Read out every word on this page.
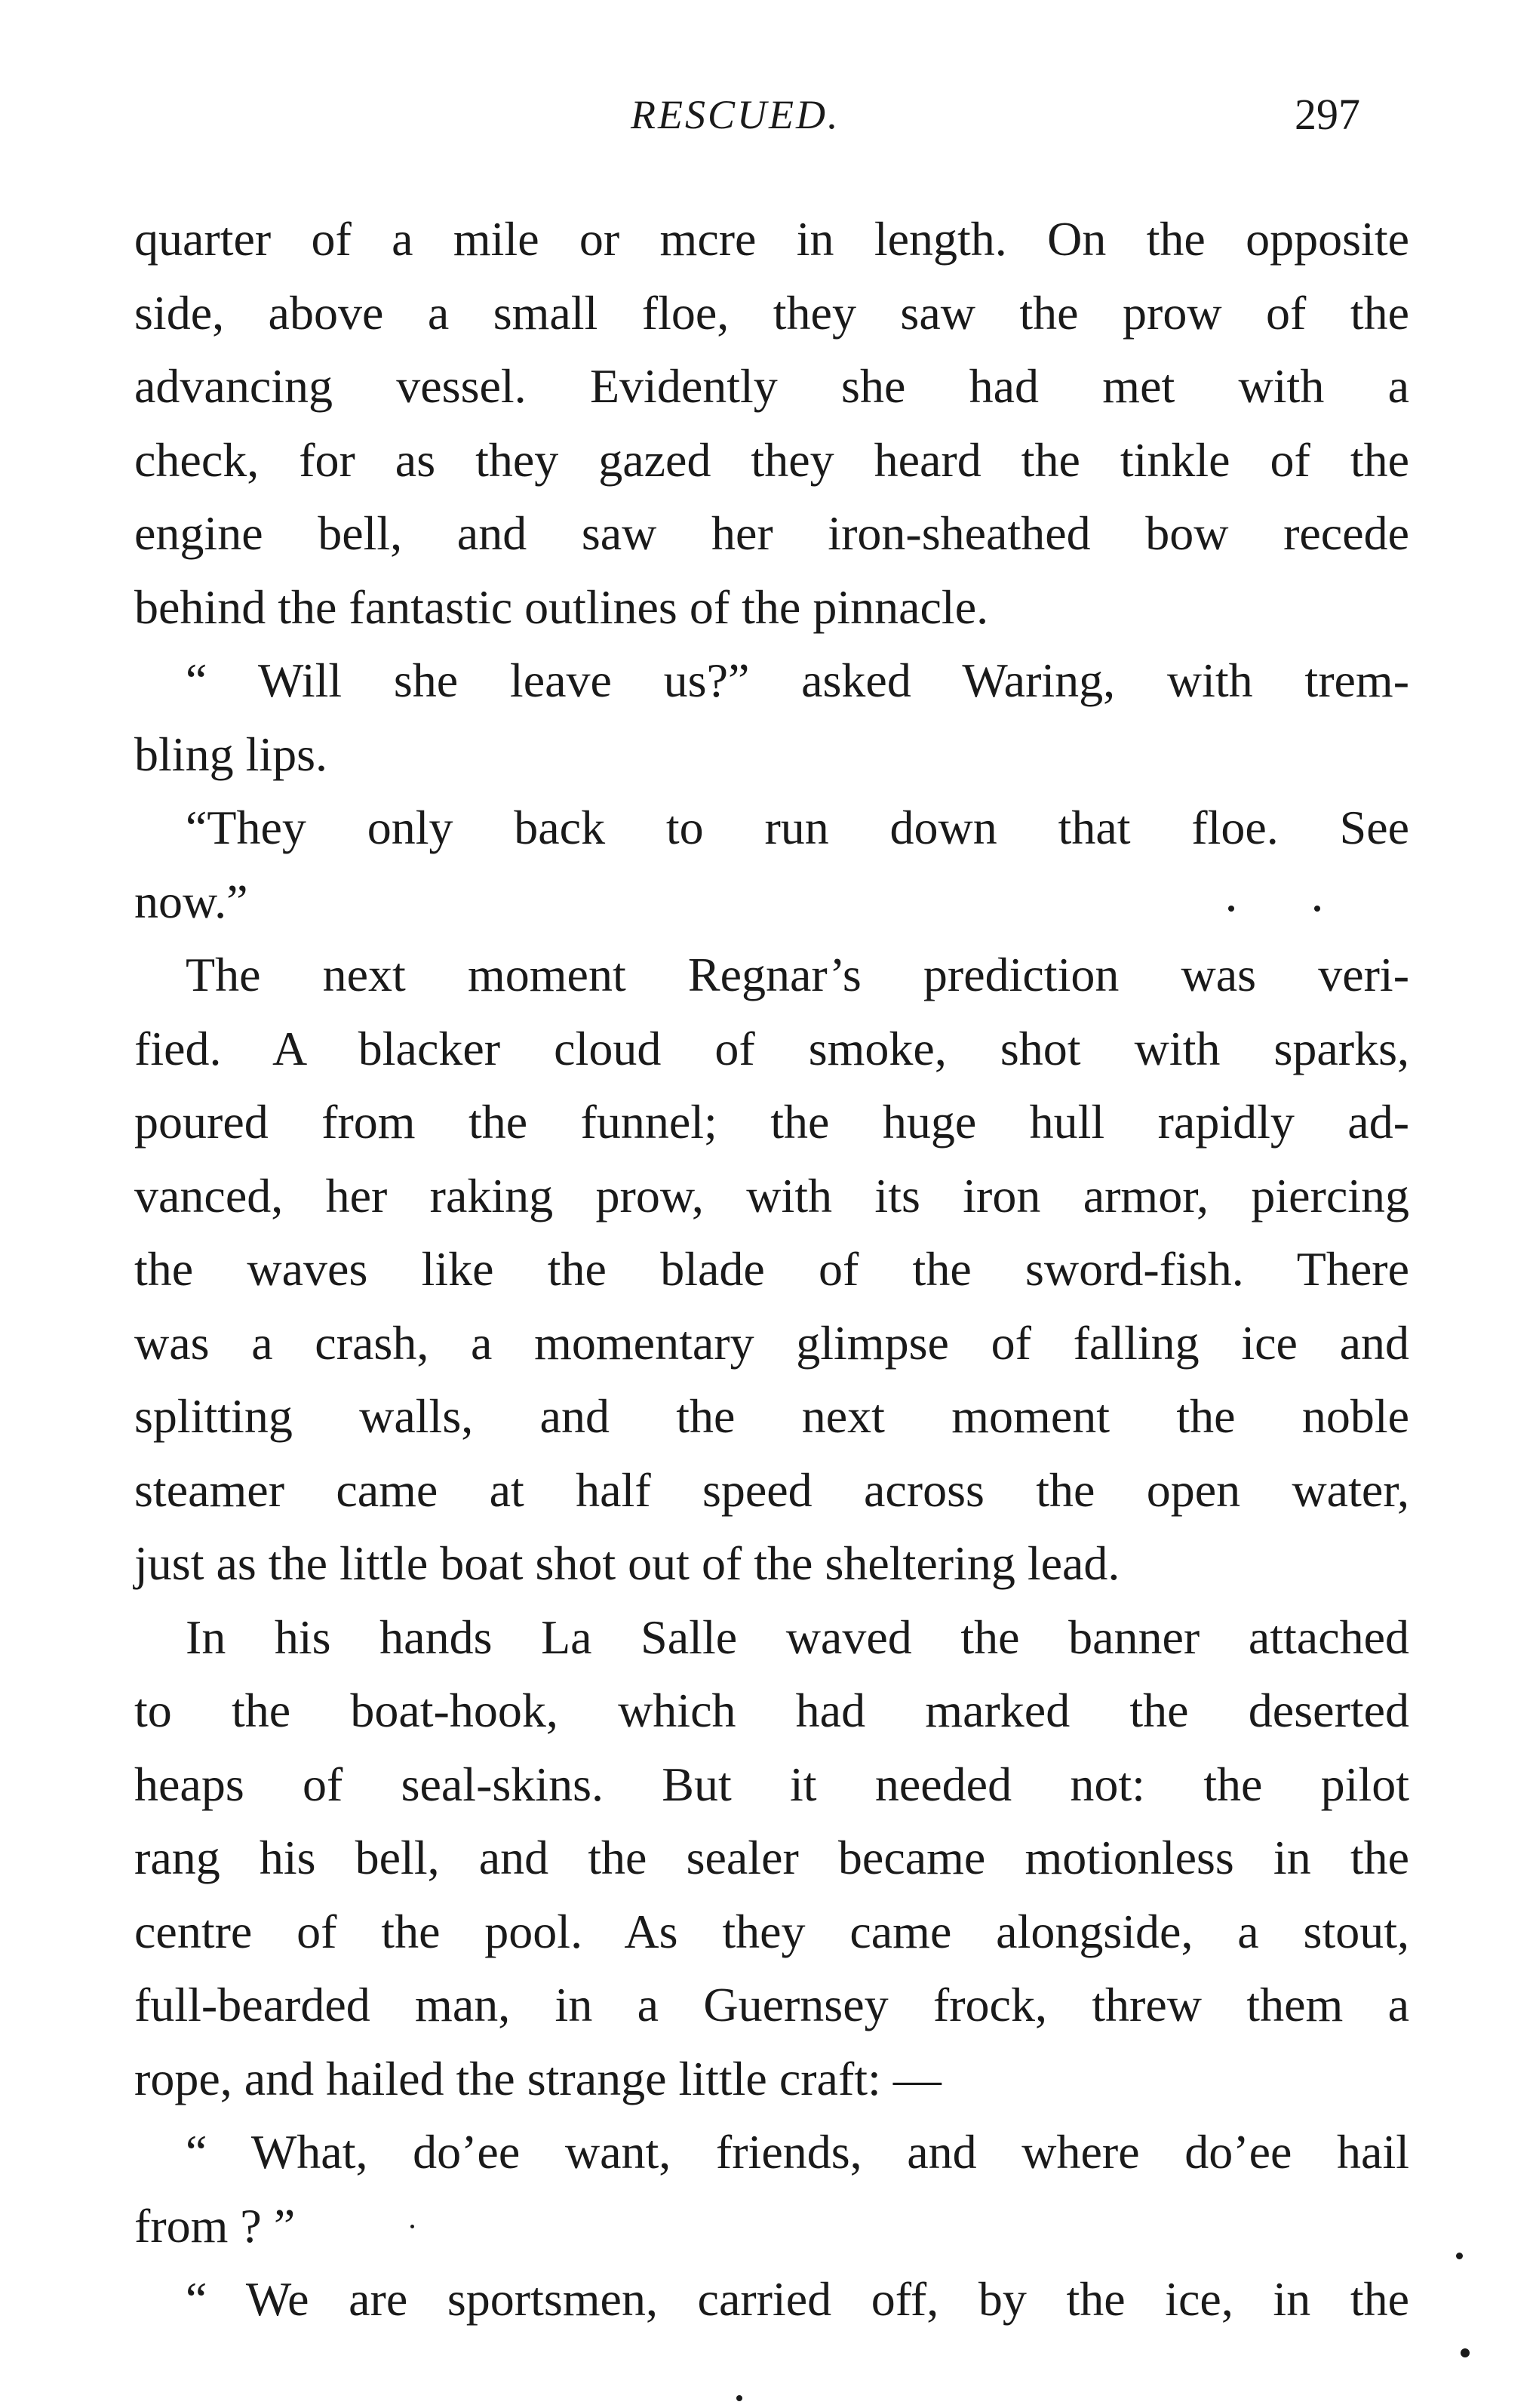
RESCUED.	297
quarter of a mile or mcre in length. On the opposite
side, above a small floe, they saw the prow of the
advancing vessel. Evidently she had met with a
check, for as they gazed they heard the tinkle of the
engine bell, and saw her iron-sheathed bow recede
behind the fantastic outlines of the pinnacle.
“ Will she leave us?” asked Waring, with trem-
bling lips.
“They only back to run down that floe. See
now.”
The next moment Regnar’s prediction was veri-
fied. A blacker cloud of smoke, shot with sparks,
poured from the funnel; the huge hull rapidly ad-
vanced, her raking prow, with its iron armor, piercing
the waves like the blade of the sword-fish. There
was a crash, a momentary glimpse of falling ice and
splitting walls, and the next moment the noble
steamer came at half speed across the open water,
just as the little boat shot out of the sheltering lead.
In his hands La Salle waved the banner attached
to the boat-hook, which had marked the deserted
heaps of seal-skins. But it needed not: the pilot
rang his bell, and the sealer became motionless in the
centre of the pool. As they came alongside, a stout,
full-bearded man, in a Guernsey frock, threw them a
rope, and hailed the strange little craft: —
“ What, do’ee want, friends, and where do’ee hail
from ? ”
“ We are sportsmen, carried off, by the ice, in the
